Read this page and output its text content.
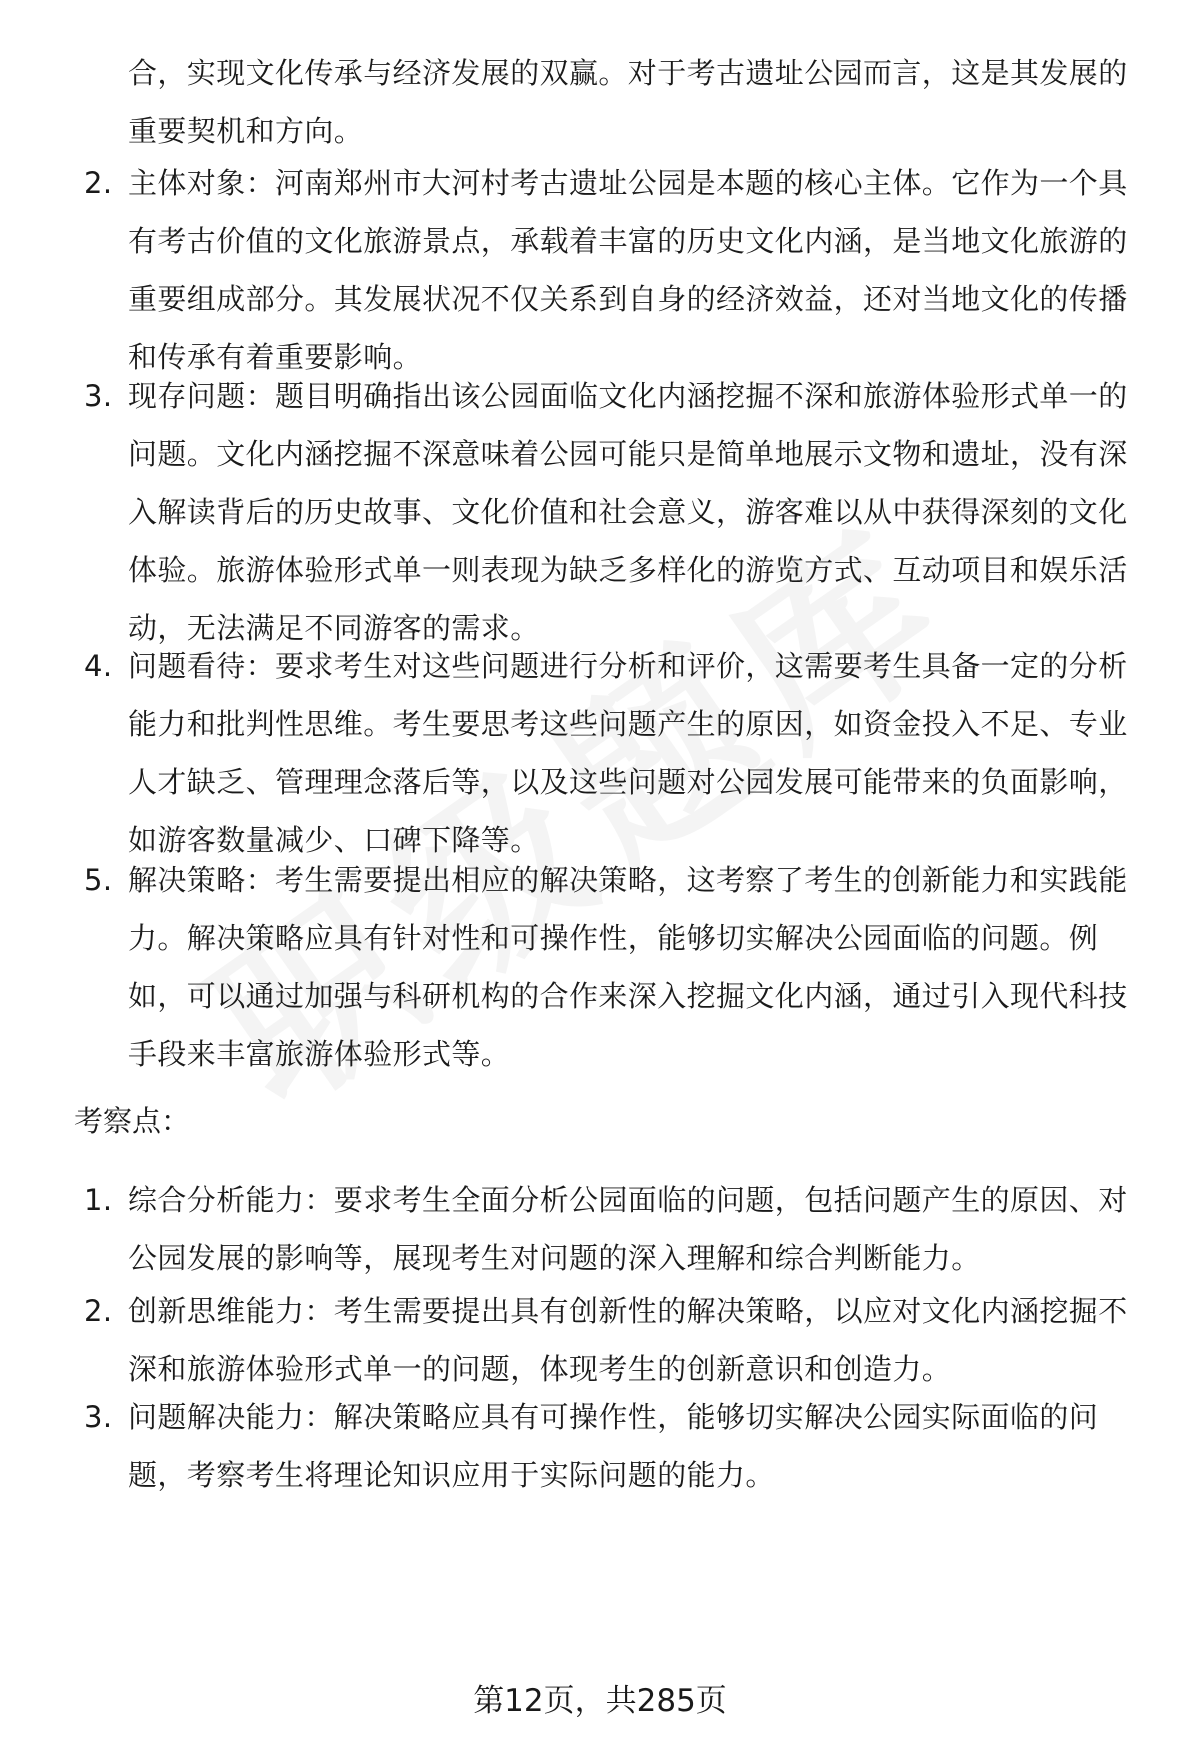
合，实现文化传承与经济发展的双赢。对于考古遗址公园而言，这是其发展的重要契机和方向。

2. 主体对象：河南郑州市大河村考古遗址公园是本题的核心主体。它作为一个具有考古价值的文化旅游景点，承载着丰富的历史文化内涵，是当地文化旅游的重要组成部分。其发展状况不仅关系到自身的经济效益，还对当地文化的传播和传承有着重要影响。
3. 现存问题：题目明确指出该公园面临文化内涵挖掘不深和旅游体验形式单一的问题。文化内涵挖掘不深意味着公园可能只是简单地展示文物和遗址，没有深入解读背后的历史故事、文化价值和社会意义，游客难以从中获得深刻的文化体验。旅游体验形式单一则表现为缺乏多样化的游览方式、互动项目和娱乐活动，无法满足不同游客的需求。
4. 问题看待：要求考生对这些问题进行分析和评价，这需要考生具备一定的分析能力和批判性思维。考生要思考这些问题产生的原因，如资金投入不足、专业人才缺乏、管理理念落后等，以及这些问题对公园发展可能带来的负面影响，如游客数量减少、口碑下降等。
5. 解决策略：考生需要提出相应的解决策略，这考察了考生的创新能力和实践能力。解决策略应具有针对性和可操作性，能够切实解决公园面临的问题。例如，可以通过加强与科研机构的合作来深入挖掘文化内涵，通过引入现代科技手段来丰富旅游体验形式等。

考察点：

1. 综合分析能力：要求考生全面分析公园面临的问题，包括问题产生的原因、对公园发展的影响等，展现考生对问题的深入理解和综合判断能力。
2. 创新思维能力：考生需要提出具有创新性的解决策略，以应对文化内涵挖掘不深和旅游体验形式单一的问题，体现考生的创新意识和创造力。
3. 问题解决能力：解决策略应具有可操作性，能够切实解决公园实际面临的问题，考察考生将理论知识应用于实际问题的能力。
第12页，共285页
